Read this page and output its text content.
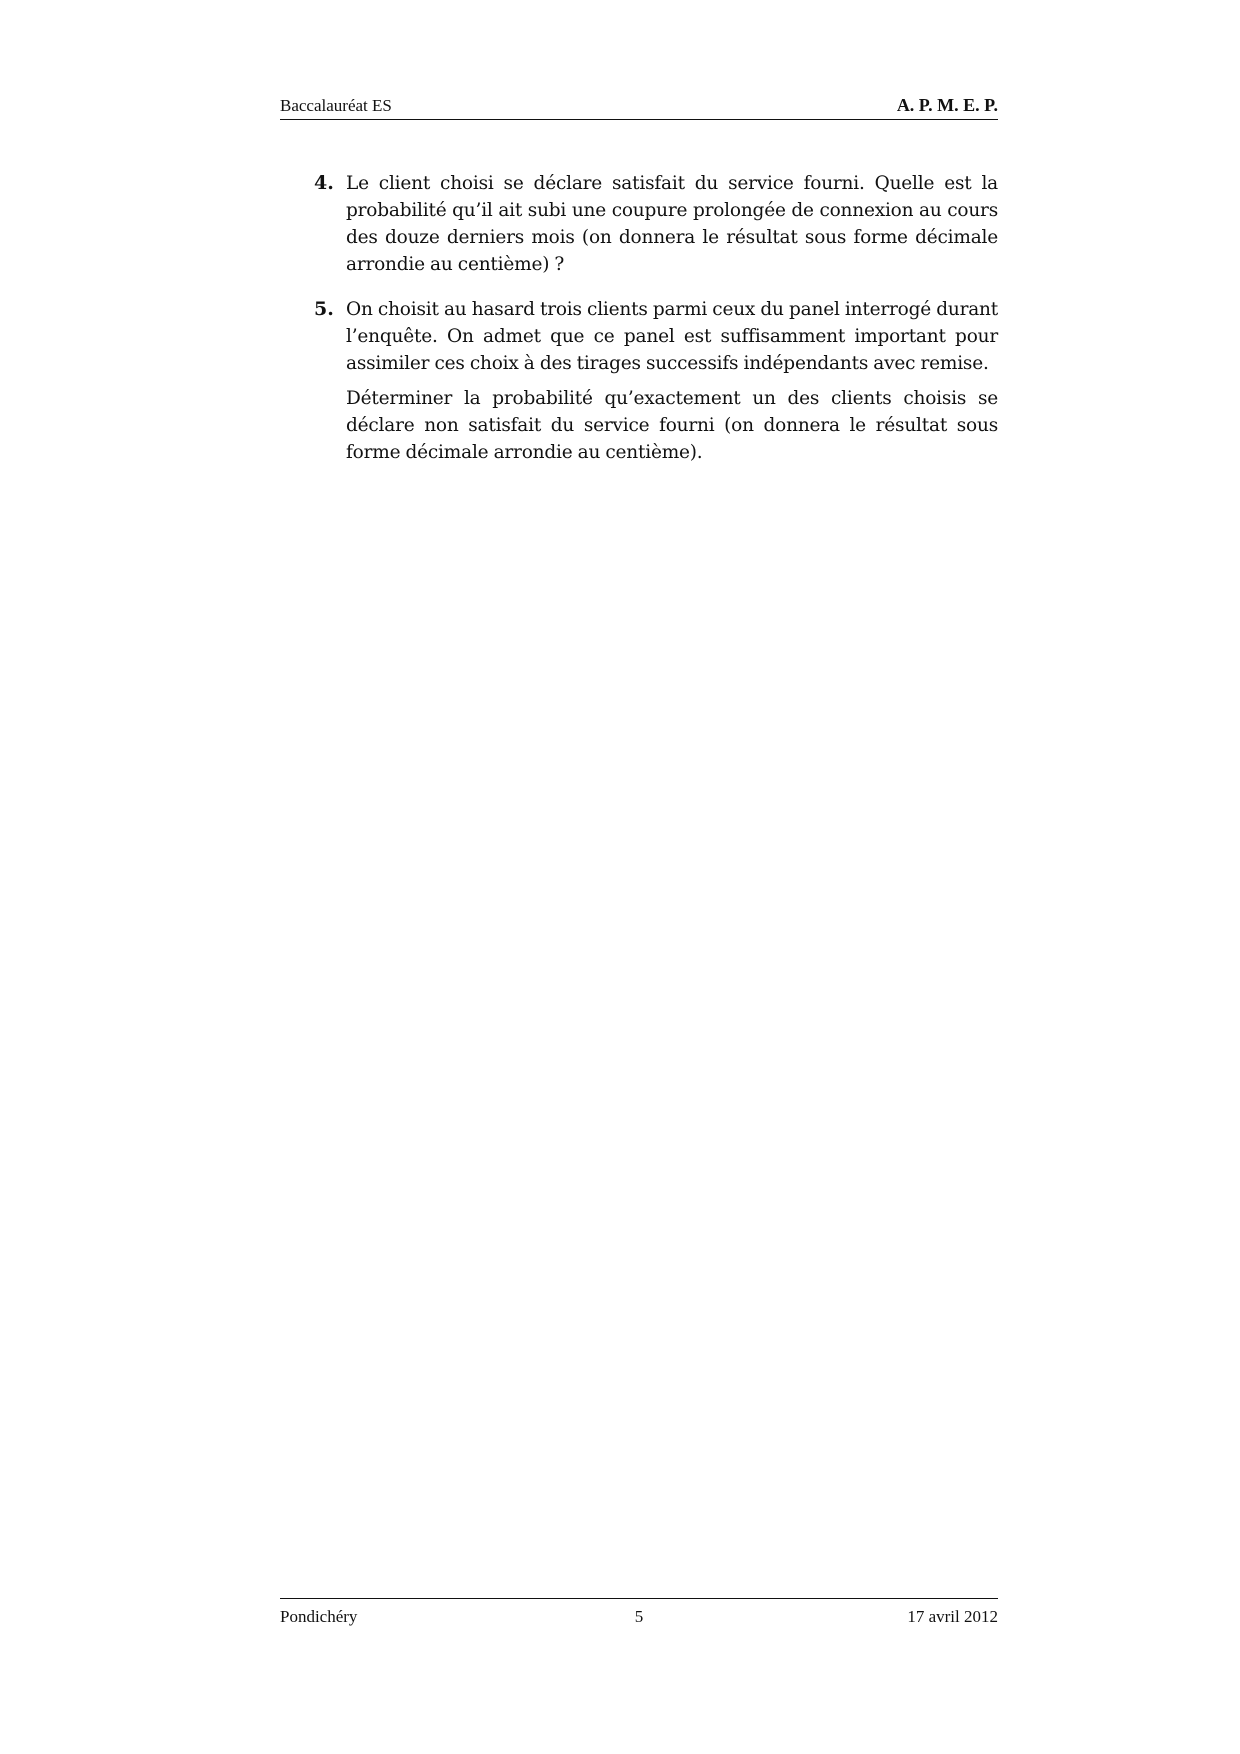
Baccalauréat ES	A. P. M. E. P.
4. Le client choisi se déclare satisfait du service fourni. Quelle est la probabilité qu’il ait subi une coupure prolongée de connexion au cours des douze derniers mois (on donnera le résultat sous forme décimale arrondie au centième) ?

5. On choisit au hasard trois clients parmi ceux du panel interrogé durant l’enquête. On admet que ce panel est suffisamment important pour assimiler ces choix à des tirages successifs indépendants avec remise.

Déterminer la probabilité qu’exactement un des clients choisis se déclare non satisfait du service fourni (on donnera le résultat sous forme décimale arrondie au centième).

Pondichéry	5	17 avril 2012
